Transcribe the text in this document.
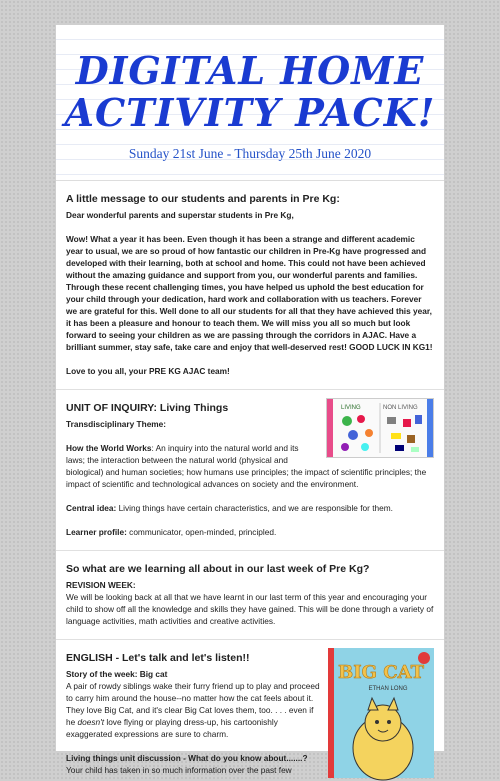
DIGITAL HOME ACTIVITY PACK!
Sunday 21st June - Thursday 25th June 2020
A little message to our students and parents in Pre Kg:

Dear wonderful parents and superstar students in Pre Kg,

Wow! What a year it has been. Even though it has been a strange and different academic year to usual, we are so proud of how fantastic our children in Pre-Kg have progressed and developed with their learning, both at school and home. This could not have been achieved without the amazing guidance and support from you, our wonderful parents and families. Through these recent challenging times, you have helped us uphold the best education for your child through your dedication, hard work and collaboration with us teachers. Forever we are grateful for this. Well done to all our students for all that they have achieved this year, it has been a pleasure and honour to teach them. We will miss you all so much but look forward to seeing your children as we are passing through the corridors in AJAC. Have a brilliant summer, stay safe, take care and enjoy that well-deserved rest! GOOD LUCK IN KG1!

Love to you all, your PRE KG AJAC team!

LIVING	NON LIVING
UNIT OF INQUIRY: Living Things

Transdisciplinary Theme:

How the World Works: An inquiry into the natural world and its laws; the interaction between the natural world (physical and biological) and human societies; how humans use principles; the impact of scientific principles; the impact of scientific and technological advances on society and the environment.

Central idea: Living things have certain characteristics, and we are responsible for them.

Learner profile: communicator, open-minded, principled.

So what are we learning all about in our last week of Pre Kg?
REVISION WEEK:

We will be looking back at all that we have learnt in our last term of this year and encouraging your child to show off all the knowledge and skills they have gained. This will be done through a variety of language activities, math activities and creative activities.

BIG CAT
ETHAN LONG
ENGLISH - Let's talk and let's listen!!
Story of the week: Big cat

A pair of rowdy siblings wake their furry friend up to play and proceed to carry him around the house--no matter how the cat feels about it. They love Big Cat, and it's clear Big Cat loves them, too. . . . even if he doesn't love flying or playing dress-up, his cartoonishly exaggerated expressions are sure to charm.

Living things unit discussion - What do you know about.......?
Your child has taken in so much information over the past few
